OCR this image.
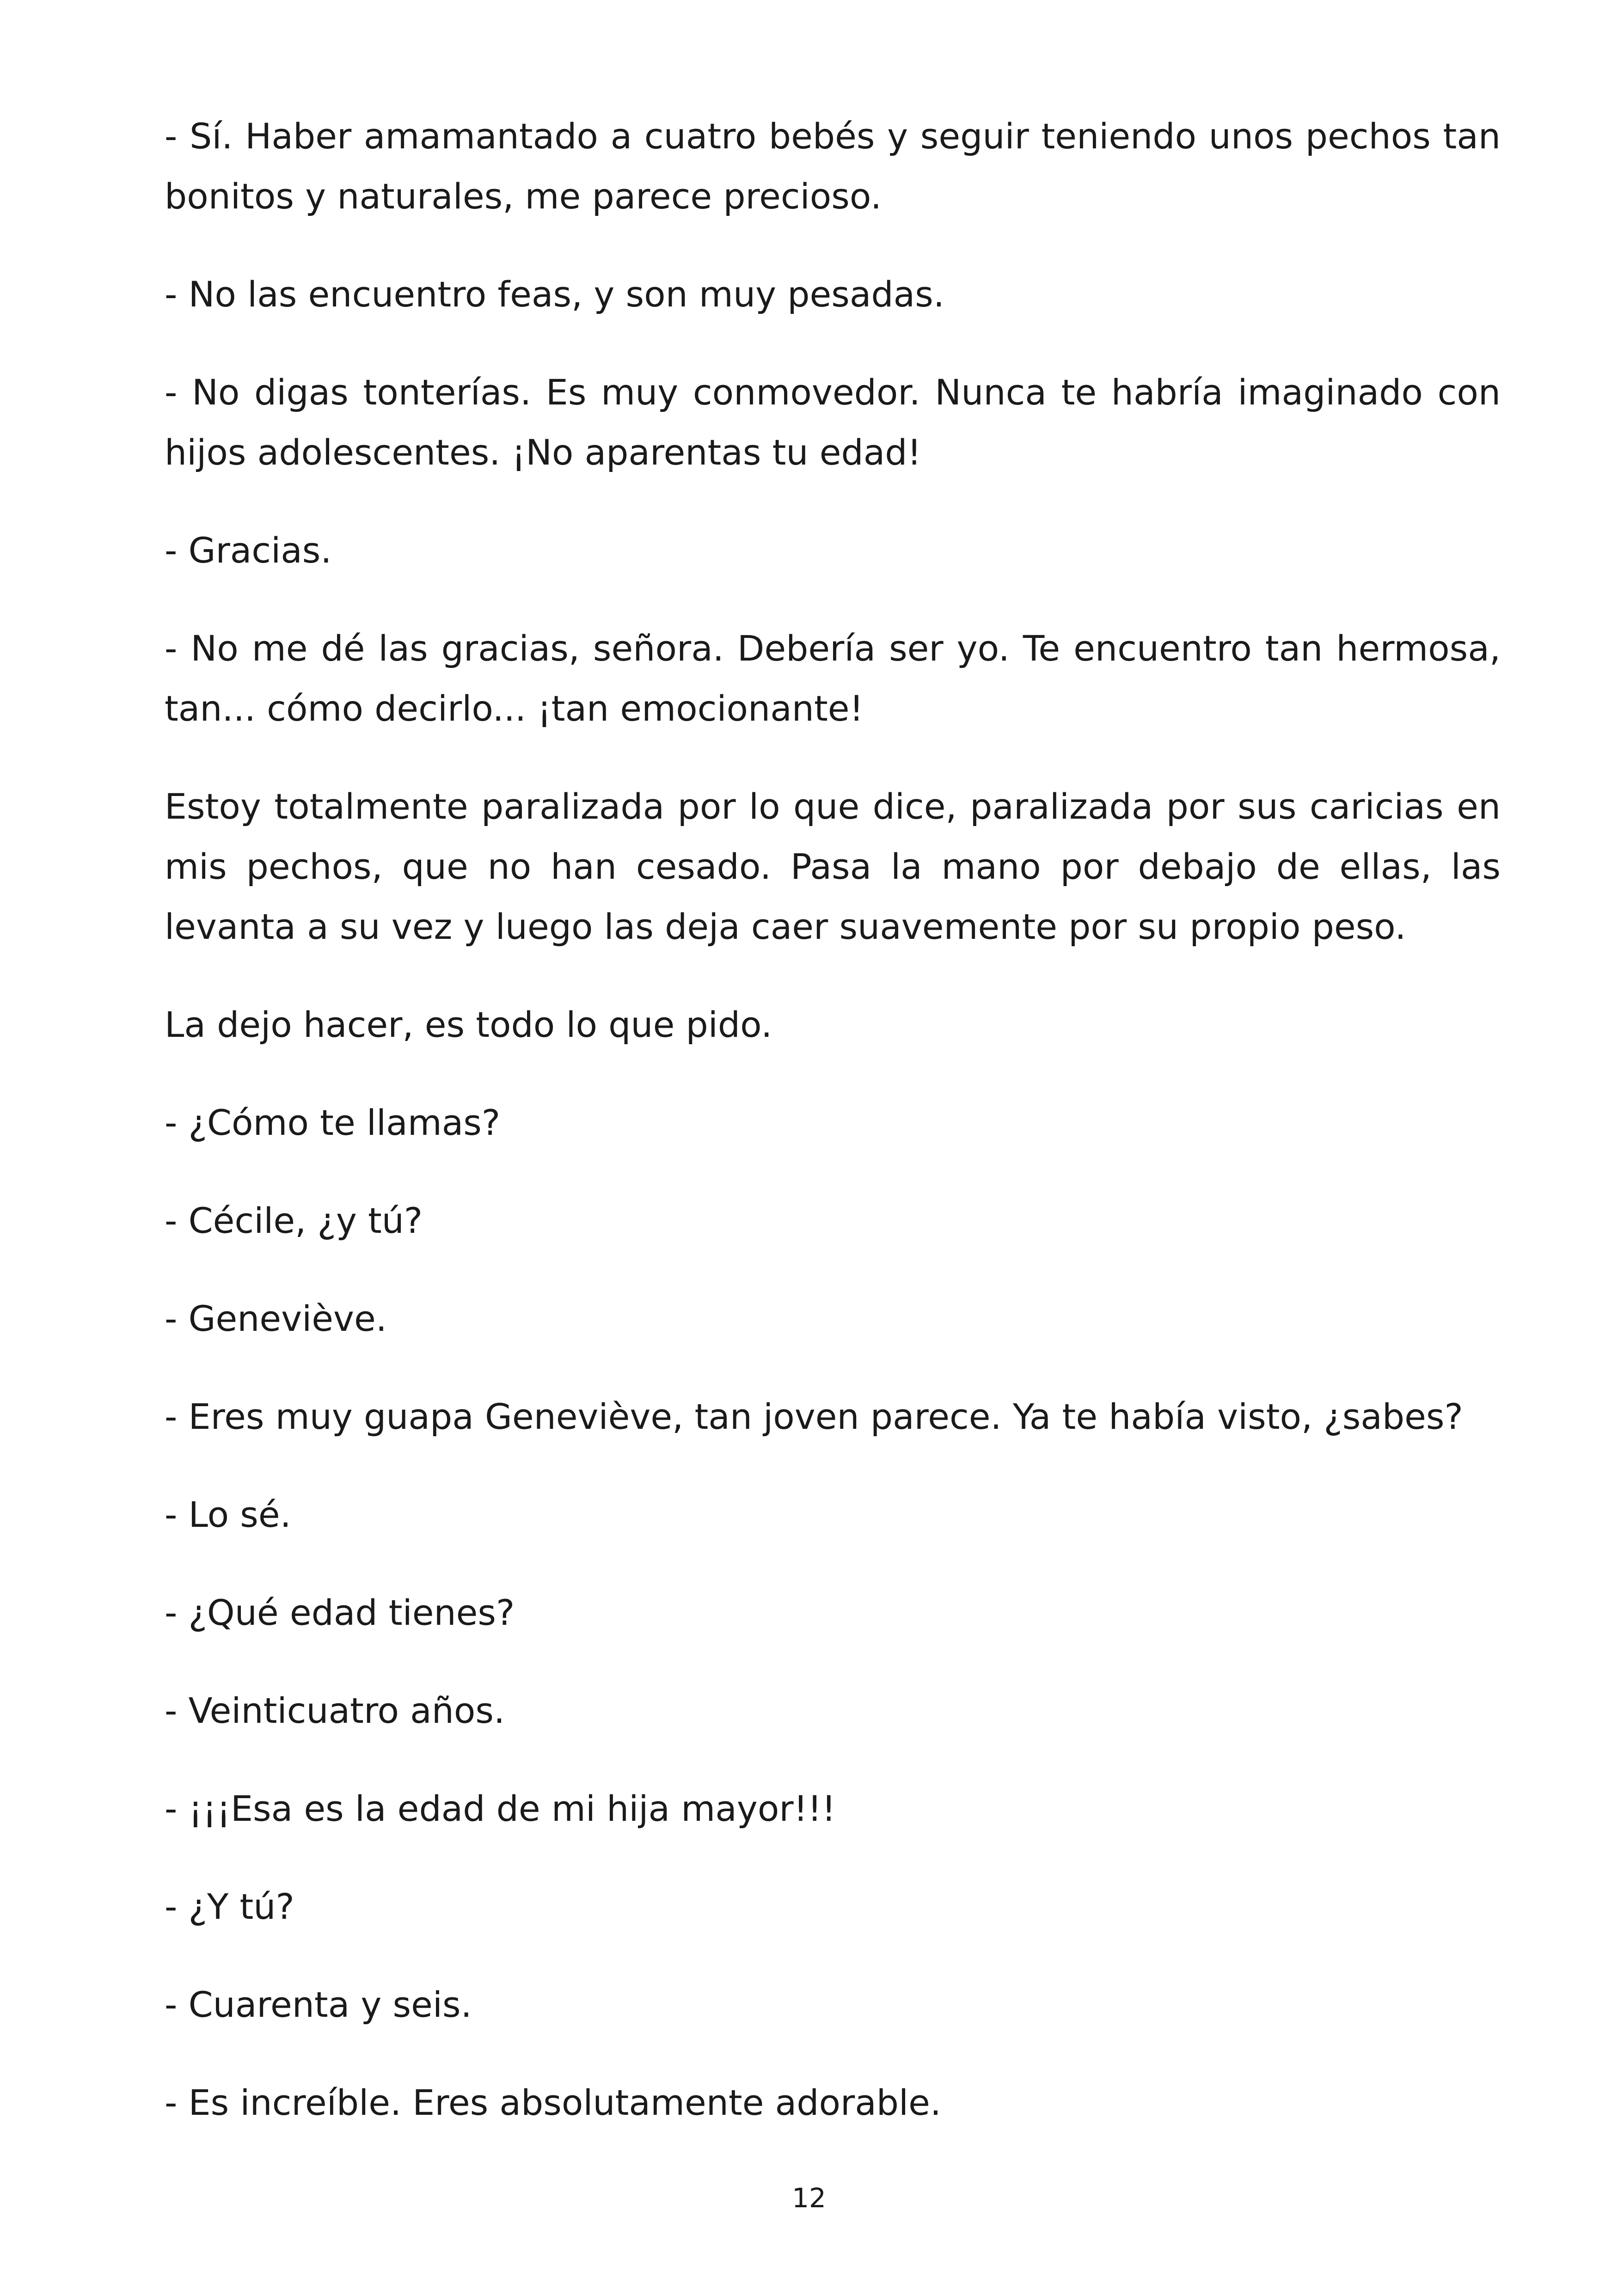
- Sí. Haber amamantado a cuatro bebés y seguir teniendo unos pechos tan bonitos y naturales, me parece precioso.

- No las encuentro feas, y son muy pesadas.

- No digas tonterías. Es muy conmovedor. Nunca te habría imaginado con hijos adolescentes. ¡No aparentas tu edad!

- Gracias.

- No me dé las gracias, señora. Debería ser yo. Te encuentro tan hermosa, tan... cómo decirlo... ¡tan emocionante!

Estoy totalmente paralizada por lo que dice, paralizada por sus caricias en mis pechos, que no han cesado. Pasa la mano por debajo de ellas, las levanta a su vez y luego las deja caer suavemente por su propio peso.

La dejo hacer, es todo lo que pido.

- ¿Cómo te llamas?

- Cécile, ¿y tú?

- Geneviève.

- Eres muy guapa Geneviève, tan joven parece. Ya te había visto, ¿sabes?

- Lo sé.

- ¿Qué edad tienes?

- Veinticuatro años.

- ¡¡¡Esa es la edad de mi hija mayor!!!

- ¿Y tú?

- Cuarenta y seis.

- Es increíble. Eres absolutamente adorable.

12
